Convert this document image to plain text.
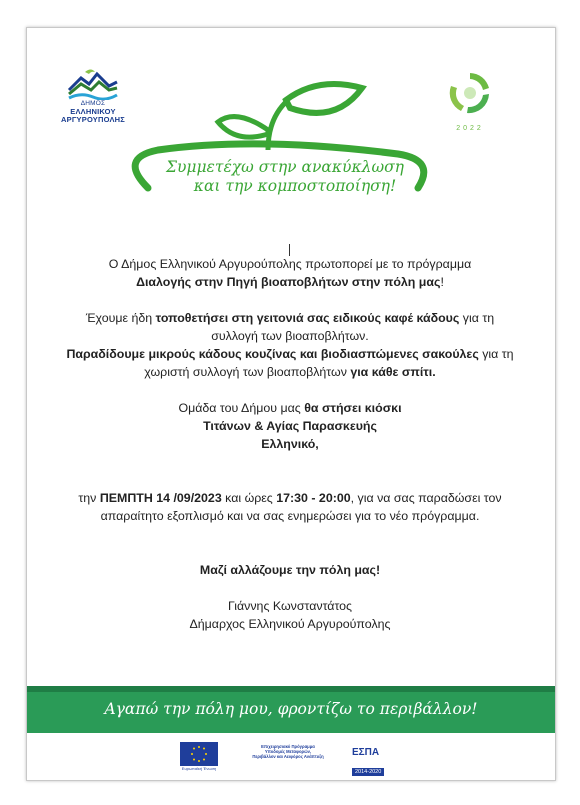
ΔΗΜΟΣ
ΕΛΛΗΝΙΚΟΥ
ΑΡΓΥΡΟΥΠΟΛΗΣ
2022
Συμμετέχω στην ανακύκλωση
και την κομποστοποίηση!

Ο Δήμος Ελληνικού Αργυρούπολης πρωτοπορεί με το πρόγραμμα

Διαλογής στην Πηγή βιοαποβλήτων στην πόλη μας!

Έχουμε ήδη τοποθετήσει στη γειτονιά σας ειδικούς καφέ κάδους για τη

συλλογή των βιοαποβλήτων.

Παραδίδουμε μικρούς κάδους κουζίνας και βιοδιασπώμενες σακούλες για τη

χωριστή συλλογή των βιοαποβλήτων για κάθε σπίτι.

Ομάδα του Δήμου μας θα στήσει κιόσκι

Τιτάνων & Αγίας Παρασκευής

Ελληνικό,

την ΠΕΜΠΤΗ 14 /09/2023 και ώρες 17:30 - 20:00, για να σας παραδώσει τον

απαραίτητο εξοπλισμό και να σας ενημερώσει για το νέο πρόγραμμα.

Μαζί αλλάζουμε την πόλη μας!

Γιάννης Κωνσταντάτος

Δήμαρχος Ελληνικού Αργυρούπολης

Αγαπώ την πόλη μου, φροντίζω το περιβάλλον!
Ευρωπαϊκή Ένωση
Επιχειρησιακό Πρόγραμμα
Υποδομές Μεταφορών,
Περιβάλλον και Αειφόρος Ανάπτυξη	ΕΣΠΑ
2014-2020
